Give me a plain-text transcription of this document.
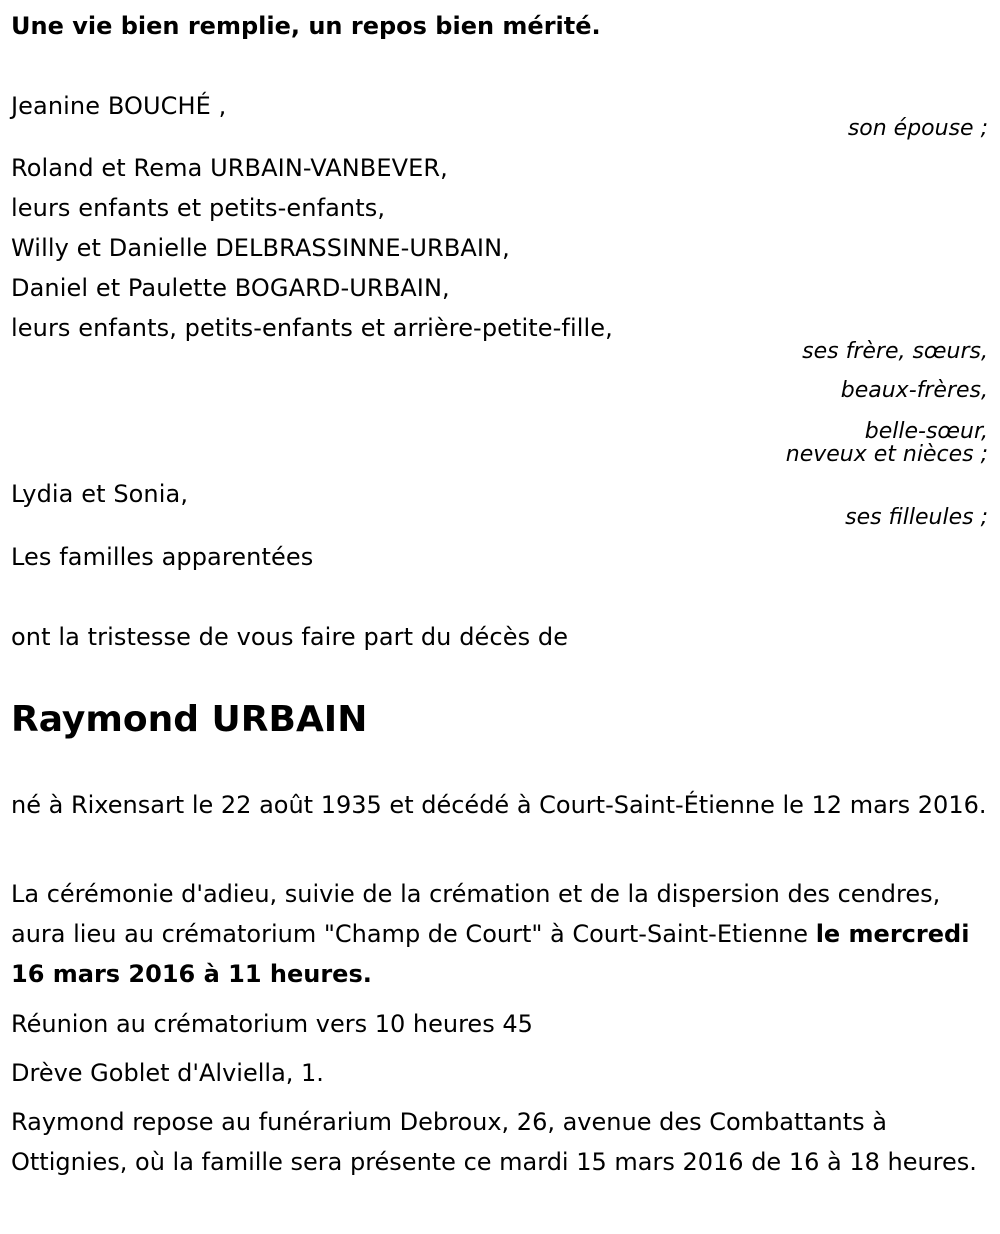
Une vie bien remplie, un repos bien mérité.
Jeanine BOUCHÉ ,
son épouse ;
Roland et Rema URBAIN-VANBEVER,
leurs enfants et petits-enfants,
Willy et Danielle DELBRASSINNE-URBAIN,
Daniel et Paulette BOGARD-URBAIN,
leurs enfants, petits-enfants et arrière-petite-fille,
ses frère, sœurs,
beaux-frères,
belle-sœur,
neveux et nièces ;
Lydia et Sonia,
ses filleules ;
Les familles apparentées
ont la tristesse de vous faire part du décès de
Raymond URBAIN
né à Rixensart le 22 août 1935 et décédé à Court-Saint-Étienne le 12 mars 2016.
La cérémonie d'adieu, suivie de la crémation et de la dispersion des cendres, aura lieu au crématorium "Champ de Court" à Court-Saint-Etienne le mercredi 16 mars 2016 à 11 heures.
Réunion au crématorium vers 10 heures 45
Drève Goblet d'Alviella, 1.
Raymond repose au funérarium Debroux, 26, avenue des Combattants à Ottignies, où la famille sera présente ce mardi 15 mars 2016 de 16 à 18 heures.
